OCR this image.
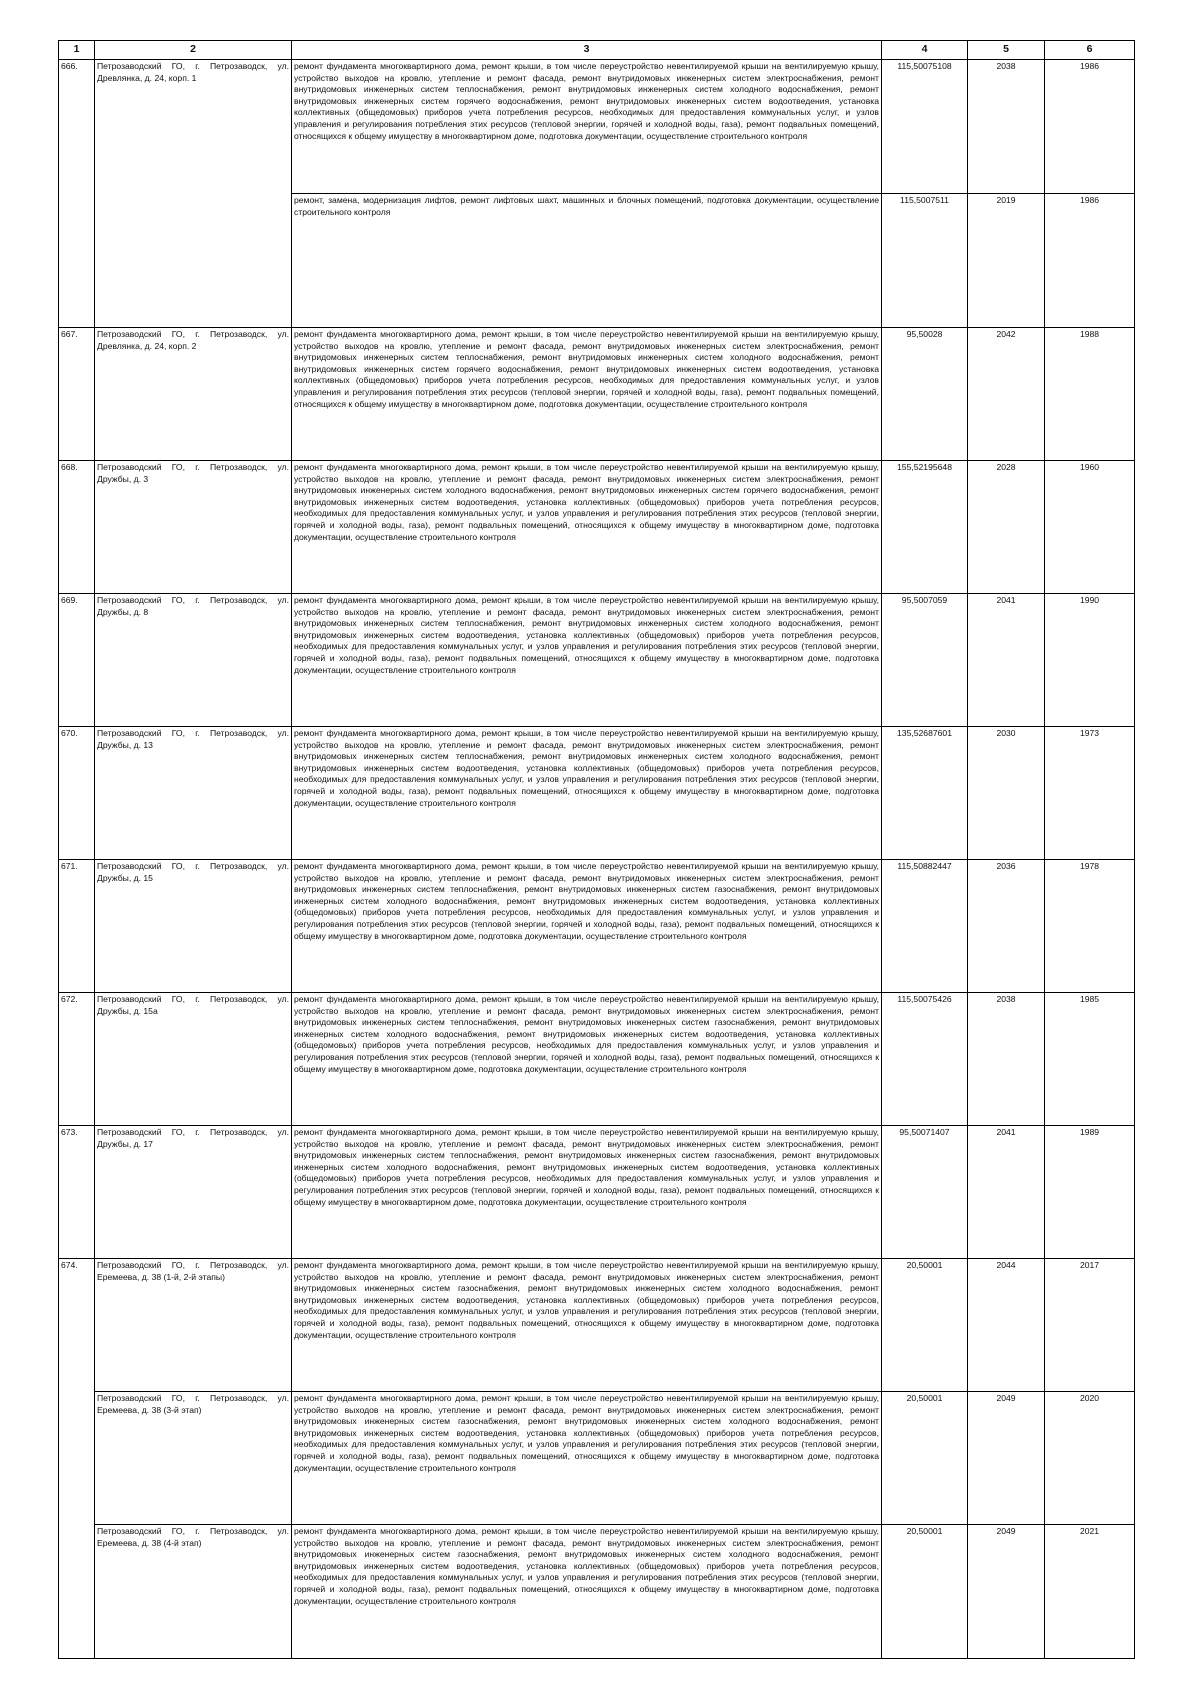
1	2	3	4	5	6
666.	Петрозаводский ГО, г. Петрозаводск, ул. Древлянка, д. 24, корп. 1	ремонт фундамента многоквартирного дома, ремонт крыши, в том числе переустройство невентилируемой крыши на вентилируемую крышу, устройство выходов на кровлю, утепление и ремонт фасада, ремонт внутридомовых инженерных систем электроснабжения, ремонт внутридомовых инженерных систем теплоснабжения, ремонт внутридомовых инженерных систем холодного водоснабжения, ремонт внутридомовых инженерных систем горячего водоснабжения, ремонт внутридомовых инженерных систем водоотведения, установка коллективных (общедомовых) приборов учета потребления ресурсов, необходимых для предоставления коммунальных услуг, и узлов управления и регулирования потребления этих ресурсов (тепловой энергии, горячей и холодной воды, газа), ремонт подвальных помещений, относящихся к общему имуществу в многоквартирном доме, подготовка документации, осуществление строительного контроля	115,50075108	2038	1986
		ремонт, замена, модернизация лифтов, ремонт лифтовых шахт, машинных и блочных помещений, подготовка документации, осуществление строительного контроля	115,5007511	2019	1986
667.	Петрозаводский ГО, г. Петрозаводск, ул. Древлянка, д. 24, корп. 2	ремонт фундамента многоквартирного дома, ремонт крыши, в том числе переустройство невентилируемой крыши на вентилируемую крышу, устройство выходов на кровлю, утепление и ремонт фасада, ремонт внутридомовых инженерных систем электроснабжения, ремонт внутридомовых инженерных систем теплоснабжения, ремонт внутридомовых инженерных систем холодного водоснабжения, ремонт внутридомовых инженерных систем горячего водоснабжения, ремонт внутридомовых инженерных систем водоотведения, установка коллективных (общедомовых) приборов учета потребления ресурсов, необходимых для предоставления коммунальных услуг, и узлов управления и регулирования потребления этих ресурсов (тепловой энергии, горячей и холодной воды, газа), ремонт подвальных помещений, относящихся к общему имуществу в многоквартирном доме, подготовка документации, осуществление строительного контроля	95,50028	2042	1988
668.	Петрозаводский ГО, г. Петрозаводск, ул. Дружбы, д. 3	ремонт фундамента многоквартирного дома, ремонт крыши, в том числе переустройство невентилируемой крыши на вентилируемую крышу, устройство выходов на кровлю, утепление и ремонт фасада, ремонт внутридомовых инженерных систем электроснабжения, ремонт внутридомовых инженерных систем холодного водоснабжения, ремонт внутридомовых инженерных систем горячего водоснабжения, ремонт внутридомовых инженерных систем водоотведения, установка коллективных (общедомовых) приборов учета потребления ресурсов, необходимых для предоставления коммунальных услуг, и узлов управления и регулирования потребления этих ресурсов (тепловой энергии, горячей и холодной воды, газа), ремонт подвальных помещений, относящихся к общему имуществу в многоквартирном доме, подготовка документации, осуществление строительного контроля	155,52195648	2028	1960
669.	Петрозаводский ГО, г. Петрозаводск, ул. Дружбы, д. 8	ремонт фундамента многоквартирного дома, ремонт крыши, в том числе переустройство невентилируемой крыши на вентилируемую крышу, устройство выходов на кровлю, утепление и ремонт фасада, ремонт внутридомовых инженерных систем электроснабжения, ремонт внутридомовых инженерных систем теплоснабжения, ремонт внутридомовых инженерных систем холодного водоснабжения, ремонт внутридомовых инженерных систем водоотведения, установка коллективных (общедомовых) приборов учета потребления ресурсов, необходимых для предоставления коммунальных услуг, и узлов управления и регулирования потребления этих ресурсов (тепловой энергии, горячей и холодной воды, газа), ремонт подвальных помещений, относящихся к общему имуществу в многоквартирном доме, подготовка документации, осуществление строительного контроля	95,5007059	2041	1990
670.	Петрозаводский ГО, г. Петрозаводск, ул. Дружбы, д. 13	ремонт фундамента многоквартирного дома, ремонт крыши, в том числе переустройство невентилируемой крыши на вентилируемую крышу, устройство выходов на кровлю, утепление и ремонт фасада, ремонт внутридомовых инженерных систем электроснабжения, ремонт внутридомовых инженерных систем теплоснабжения, ремонт внутридомовых инженерных систем холодного водоснабжения, ремонт внутридомовых инженерных систем водоотведения, установка коллективных (общедомовых) приборов учета потребления ресурсов, необходимых для предоставления коммунальных услуг, и узлов управления и регулирования потребления этих ресурсов (тепловой энергии, горячей и холодной воды, газа), ремонт подвальных помещений, относящихся к общему имуществу в многоквартирном доме, подготовка документации, осуществление строительного контроля	135,52687601	2030	1973
671.	Петрозаводский ГО, г. Петрозаводск, ул. Дружбы, д. 15	ремонт фундамента многоквартирного дома, ремонт крыши, в том числе переустройство невентилируемой крыши на вентилируемую крышу, устройство выходов на кровлю, утепление и ремонт фасада, ремонт внутридомовых инженерных систем электроснабжения, ремонт внутридомовых инженерных систем теплоснабжения, ремонт внутридомовых инженерных систем газоснабжения, ремонт внутридомовых инженерных систем холодного водоснабжения, ремонт внутридомовых инженерных систем водоотведения, установка коллективных (общедомовых) приборов учета потребления ресурсов, необходимых для предоставления коммунальных услуг, и узлов управления и регулирования потребления этих ресурсов (тепловой энергии, горячей и холодной воды, газа), ремонт подвальных помещений, относящихся к общему имуществу в многоквартирном доме, подготовка документации, осуществление строительного контроля	115,50882447	2036	1978
672.	Петрозаводский ГО, г. Петрозаводск, ул. Дружбы, д. 15а	ремонт фундамента многоквартирного дома, ремонт крыши, в том числе переустройство невентилируемой крыши на вентилируемую крышу, устройство выходов на кровлю, утепление и ремонт фасада, ремонт внутридомовых инженерных систем электроснабжения, ремонт внутридомовых инженерных систем теплоснабжения, ремонт внутридомовых инженерных систем газоснабжения, ремонт внутридомовых инженерных систем холодного водоснабжения, ремонт внутридомовых инженерных систем водоотведения, установка коллективных (общедомовых) приборов учета потребления ресурсов, необходимых для предоставления коммунальных услуг, и узлов управления и регулирования потребления этих ресурсов (тепловой энергии, горячей и холодной воды, газа), ремонт подвальных помещений, относящихся к общему имуществу в многоквартирном доме, подготовка документации, осуществление строительного контроля	115,50075426	2038	1985
673.	Петрозаводский ГО, г. Петрозаводск, ул. Дружбы, д. 17	ремонт фундамента многоквартирного дома, ремонт крыши, в том числе переустройство невентилируемой крыши на вентилируемую крышу, устройство выходов на кровлю, утепление и ремонт фасада, ремонт внутридомовых инженерных систем электроснабжения, ремонт внутридомовых инженерных систем теплоснабжения, ремонт внутридомовых инженерных систем газоснабжения, ремонт внутридомовых инженерных систем холодного водоснабжения, ремонт внутридомовых инженерных систем водоотведения, установка коллективных (общедомовых) приборов учета потребления ресурсов, необходимых для предоставления коммунальных услуг, и узлов управления и регулирования потребления этих ресурсов (тепловой энергии, горячей и холодной воды, газа), ремонт подвальных помещений, относящихся к общему имуществу в многоквартирном доме, подготовка документации, осуществление строительного контроля	95,50071407	2041	1989
674.	Петрозаводский ГО, г. Петрозаводск, ул. Еремеева, д. 38 (1-й, 2-й этапы)	ремонт фундамента многоквартирного дома, ремонт крыши, в том числе переустройство невентилируемой крыши на вентилируемую крышу, устройство выходов на кровлю, утепление и ремонт фасада, ремонт внутридомовых инженерных систем электроснабжения, ремонт внутридомовых инженерных систем газоснабжения, ремонт внутридомовых инженерных систем холодного водоснабжения, ремонт внутридомовых инженерных систем водоотведения, установка коллективных (общедомовых) приборов учета потребления ресурсов, необходимых для предоставления коммунальных услуг, и узлов управления и регулирования потребления этих ресурсов (тепловой энергии, горячей и холодной воды, газа), ремонт подвальных помещений, относящихся к общему имуществу в многоквартирном доме, подготовка документации, осуществление строительного контроля	20,50001	2044	2017
	Петрозаводский ГО, г. Петрозаводск, ул. Еремеева, д. 38 (3-й этап)	ремонт фундамента многоквартирного дома, ремонт крыши, в том числе переустройство невентилируемой крыши на вентилируемую крышу, устройство выходов на кровлю, утепление и ремонт фасада, ремонт внутридомовых инженерных систем электроснабжения, ремонт внутридомовых инженерных систем газоснабжения, ремонт внутридомовых инженерных систем холодного водоснабжения, ремонт внутридомовых инженерных систем водоотведения, установка коллективных (общедомовых) приборов учета потребления ресурсов, необходимых для предоставления коммунальных услуг, и узлов управления и регулирования потребления этих ресурсов (тепловой энергии, горячей и холодной воды, газа), ремонт подвальных помещений, относящихся к общему имуществу в многоквартирном доме, подготовка документации, осуществление строительного контроля	20,50001	2049	2020
	Петрозаводский ГО, г. Петрозаводск, ул. Еремеева, д. 38 (4-й этап)	ремонт фундамента многоквартирного дома, ремонт крыши, в том числе переустройство невентилируемой крыши на вентилируемую крышу, устройство выходов на кровлю, утепление и ремонт фасада, ремонт внутридомовых инженерных систем электроснабжения, ремонт внутридомовых инженерных систем газоснабжения, ремонт внутридомовых инженерных систем холодного водоснабжения, ремонт внутридомовых инженерных систем водоотведения, установка коллективных (общедомовых) приборов учета потребления ресурсов, необходимых для предоставления коммунальных услуг, и узлов управления и регулирования потребления этих ресурсов (тепловой энергии, горячей и холодной воды, газа), ремонт подвальных помещений, относящихся к общему имуществу в многоквартирном доме, подготовка документации, осуществление строительного контроля	20,50001	2049	2021
